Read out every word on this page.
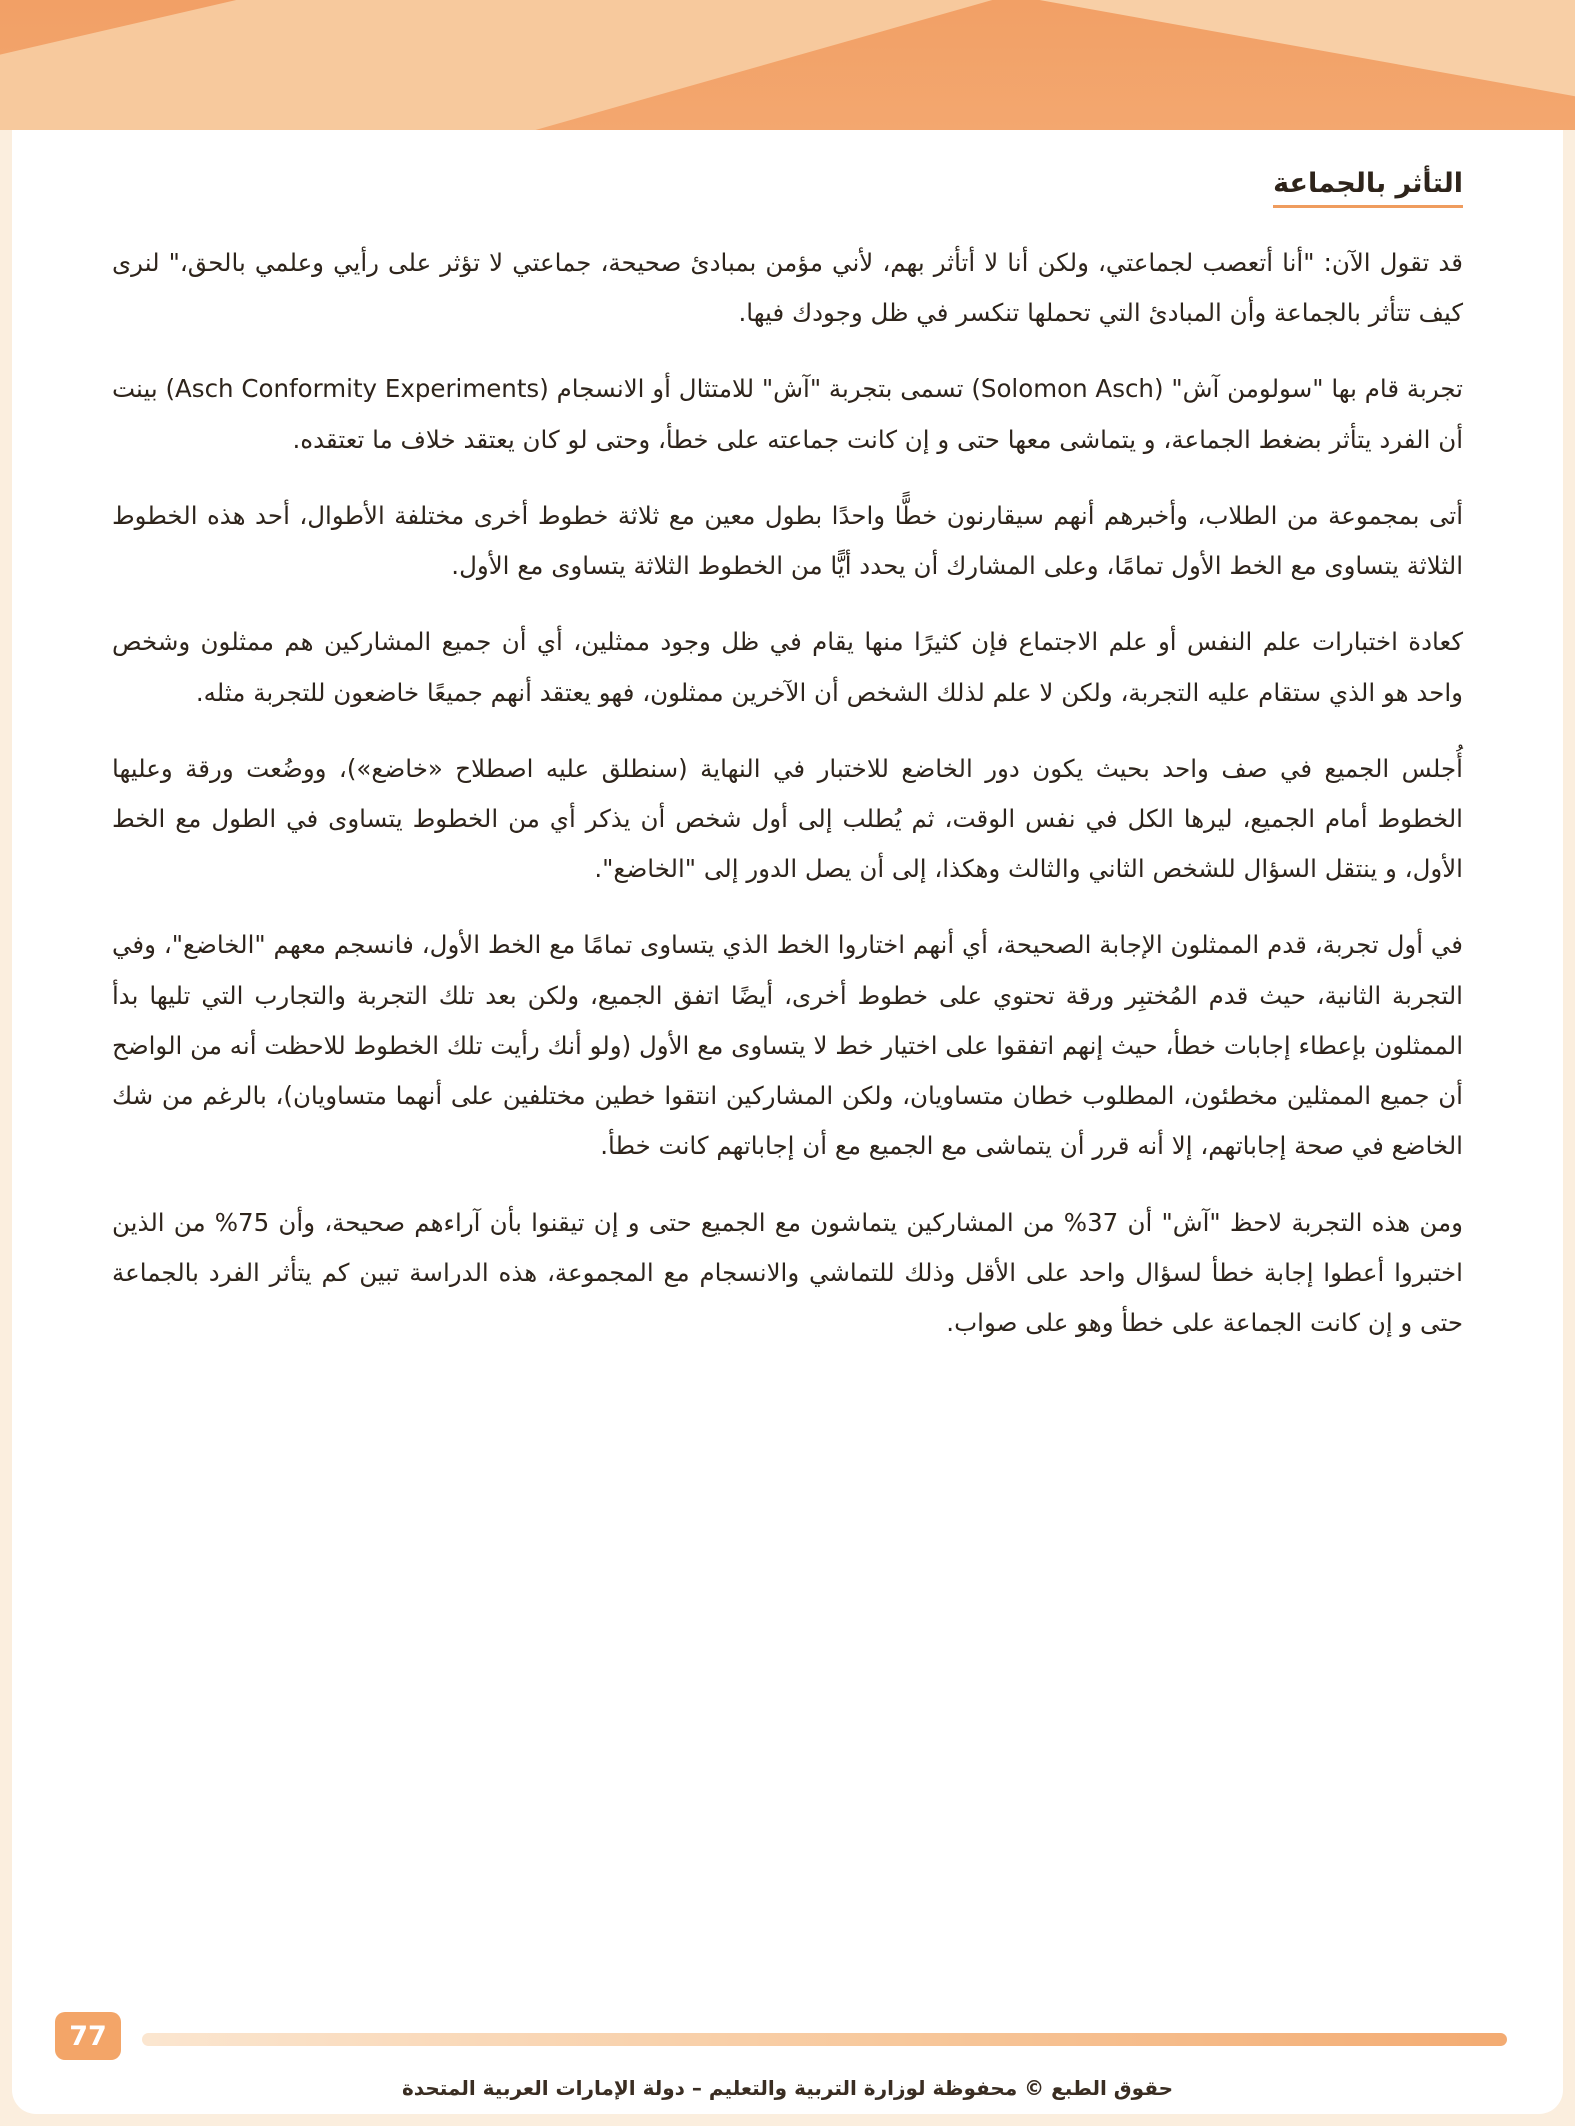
التأثر بالجماعة

قد تقول الآن: "أنا أتعصب لجماعتي، ولكن أنا لا أتأثر بهم، لأني مؤمن بمبادئ صحيحة، جماعتي لا تؤثر على رأيي وعلمي بالحق،" لنرى كيف تتأثر بالجماعة وأن المبادئ التي تحملها تنكسر في ظل وجودك فيها.

تجربة قام بها "سولومن آش" (Solomon Asch) تسمى بتجربة "آش" للامتثال أو الانسجام (Asch Conformity Experiments) بينت أن الفرد يتأثر بضغط الجماعة، و يتماشى معها حتى و إن كانت جماعته على خطأ، وحتى لو كان يعتقد خلاف ما تعتقده.

أتى بمجموعة من الطلاب، وأخبرهم أنهم سيقارنون خطًّا واحدًا بطول معين مع ثلاثة خطوط أخرى مختلفة الأطوال، أحد هذه الخطوط الثلاثة يتساوى مع الخط الأول تمامًا، وعلى المشارك أن يحدد أيًّا من الخطوط الثلاثة يتساوى مع الأول.

كعادة اختبارات علم النفس أو علم الاجتماع فإن كثيرًا منها يقام في ظل وجود ممثلين، أي أن جميع المشاركين هم ممثلون وشخص واحد هو الذي ستقام عليه التجربة، ولكن لا علم لذلك الشخص أن الآخرين ممثلون، فهو يعتقد أنهم جميعًا خاضعون للتجربة مثله.

أُجلس الجميع في صف واحد بحيث يكون دور الخاضع للاختبار في النهاية (سنطلق عليه اصطلاح «خاضع»)، ووضُعت ورقة وعليها الخطوط أمام الجميع، ليرها الكل في نفس الوقت، ثم يُطلب إلى أول شخص أن يذكر أي من الخطوط يتساوى في الطول مع الخط الأول، و ينتقل السؤال للشخص الثاني والثالث وهكذا، إلى أن يصل الدور إلى "الخاضع".

في أول تجربة، قدم الممثلون الإجابة الصحيحة، أي أنهم اختاروا الخط الذي يتساوى تمامًا مع الخط الأول، فانسجم معهم "الخاضع"، وفي التجربة الثانية، حيث قدم المُختبِر ورقة تحتوي على خطوط أخرى، أيضًا اتفق الجميع، ولكن بعد تلك التجربة والتجارب التي تليها بدأ الممثلون بإعطاء إجابات خطأ، حيث إنهم اتفقوا على اختيار خط لا يتساوى مع الأول (ولو أنك رأيت تلك الخطوط للاحظت أنه من الواضح أن جميع الممثلين مخطئون، المطلوب خطان متساويان، ولكن المشاركين انتقوا خطين مختلفين على أنهما متساويان)، بالرغم من شك الخاضع في صحة إجاباتهم، إلا أنه قرر أن يتماشى مع الجميع مع أن إجاباتهم كانت خطأ.

ومن هذه التجربة لاحظ "آش" أن 37% من المشاركين يتماشون مع الجميع حتى و إن تيقنوا بأن آراءهم صحيحة، وأن 75% من الذين اختبروا أعطوا إجابة خطأ لسؤال واحد على الأقل وذلك للتماشي والانسجام مع المجموعة، هذه الدراسة تبين كم يتأثر الفرد بالجماعة حتى و إن كانت الجماعة على خطأ وهو على صواب.

77
حقوق الطبع © محفوظة لوزارة التربية والتعليم – دولة الإمارات العربية المتحدة
